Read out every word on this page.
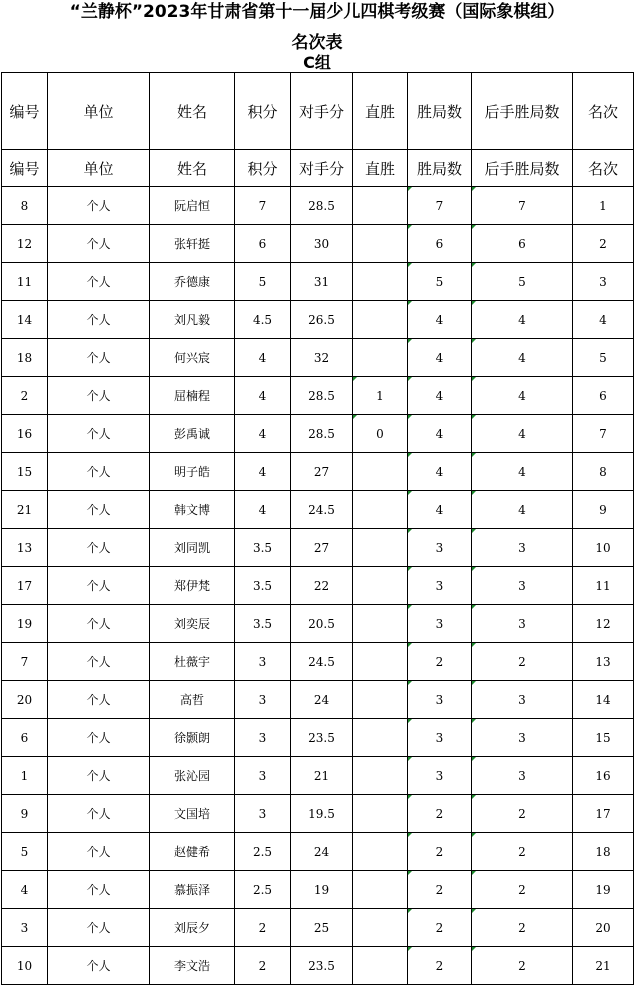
“兰静杯”2023年甘肃省第十一届少儿四棋考级赛（国际象棋组）
名次表
C组
编号	单位	姓名	积分	对手分	直胜	胜局数	后手胜局数	名次
编号	单位	姓名	积分	对手分	直胜	胜局数	后手胜局数	名次
8	个人	阮启恒	7	28.5		7	7	1
12	个人	张轩挺	6	30		6	6	2
11	个人	乔德康	5	31		5	5	3
14	个人	刘凡毅	4.5	26.5		4	4	4
18	个人	何兴宸	4	32		4	4	5
2	个人	屈楠程	4	28.5	1	4	4	6
16	个人	彭禹诚	4	28.5	0	4	4	7
15	个人	明子皓	4	27		4	4	8
21	个人	韩文博	4	24.5		4	4	9
13	个人	刘同凯	3.5	27		3	3	10
17	个人	郑伊梵	3.5	22		3	3	11
19	个人	刘奕辰	3.5	20.5		3	3	12
7	个人	杜薇宇	3	24.5		2	2	13
20	个人	高哲	3	24		3	3	14
6	个人	徐颢朗	3	23.5		3	3	15
1	个人	张沁园	3	21		3	3	16
9	个人	文国培	3	19.5		2	2	17
5	个人	赵健希	2.5	24		2	2	18
4	个人	慕振泽	2.5	19		2	2	19
3	个人	刘辰夕	2	25		2	2	20
10	个人	李文浩	2	23.5		2	2	21
